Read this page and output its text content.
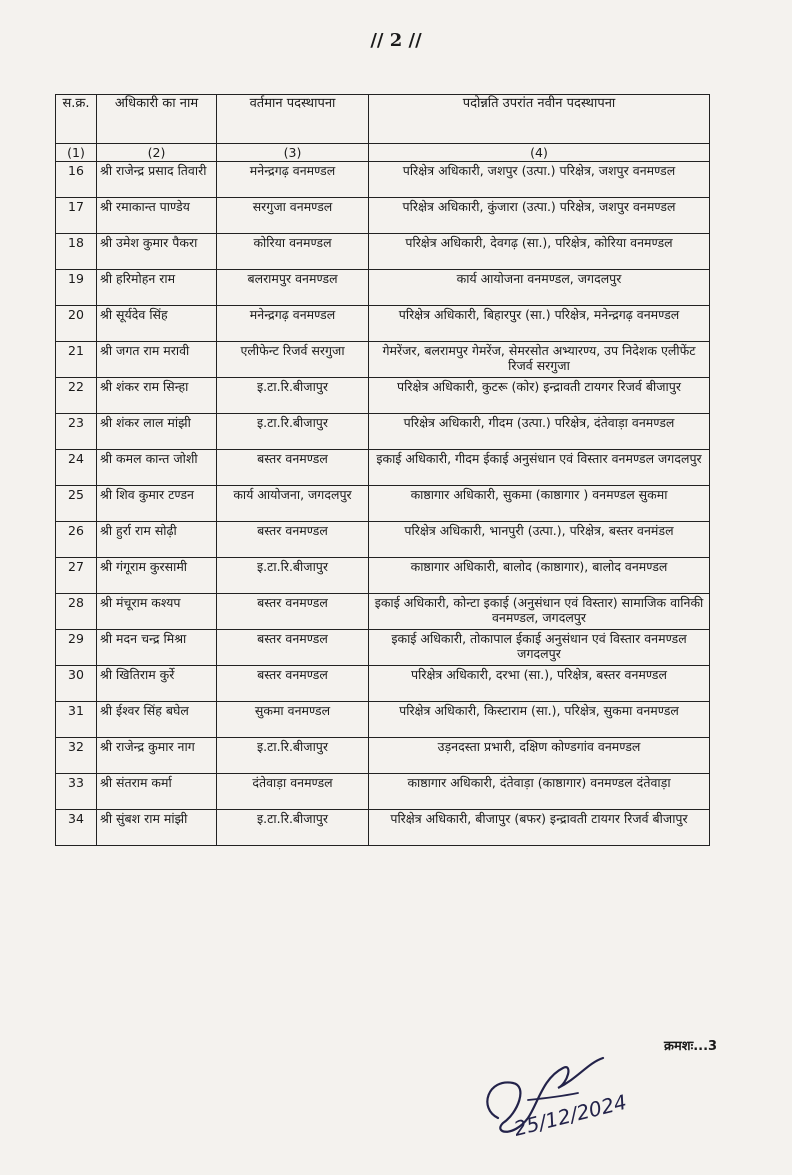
// 2 //
स.क्र.	अधिकारी का नाम	वर्तमान पदस्थापना	पदोन्नति उपरांत नवीन पदस्थापना
(1)	(2)	(3)	(4)
16	श्री राजेन्द्र प्रसाद तिवारी	मनेन्द्रगढ़ वनमण्डल	परिक्षेत्र अधिकारी, जशपुर (उत्पा.) परिक्षेत्र, जशपुर वनमण्डल
17	श्री रमाकान्त पाण्डेय	सरगुजा वनमण्डल	परिक्षेत्र अधिकारी, कुंजारा (उत्पा.) परिक्षेत्र, जशपुर वनमण्डल
18	श्री उमेश कुमार पैकरा	कोरिया वनमण्डल	परिक्षेत्र अधिकारी, देवगढ़ (सा.), परिक्षेत्र, कोरिया वनमण्डल
19	श्री हरिमोहन राम	बलरामपुर वनमण्डल	कार्य आयोजना वनमण्डल, जगदलपुर
20	श्री सूर्यदेव सिंह	मनेन्द्रगढ़ वनमण्डल	परिक्षेत्र अधिकारी, बिहारपुर (सा.) परिक्षेत्र, मनेन्द्रगढ़ वनमण्डल
21	श्री जगत राम मरावी	एलीफेन्ट रिजर्व सरगुजा	गेमरेंजर, बलरामपुर गेमरेंज, सेमरसोत अभ्यारण्य, उप निदेशक एलीफेंट रिजर्व सरगुजा
22	श्री शंकर राम सिन्हा	इ.टा.रि.बीजापुर	परिक्षेत्र अधिकारी, कुटरू (कोर) इन्द्रावती टायगर रिजर्व बीजापुर
23	श्री शंकर लाल मांझी	इ.टा.रि.बीजापुर	परिक्षेत्र अधिकारी, गीदम (उत्पा.) परिक्षेत्र, दंतेवाड़ा वनमण्डल
24	श्री कमल कान्त जोशी	बस्तर वनमण्डल	इकाई अधिकारी, गीदम ईकाई अनुसंधान एवं विस्तार वनमण्डल जगदलपुर
25	श्री शिव कुमार टण्डन	कार्य आयोजना, जगदलपुर	काष्ठागार अधिकारी, सुकमा (काष्ठागार ) वनमण्डल सुकमा
26	श्री हुर्रा राम सोढ़ी	बस्तर वनमण्डल	परिक्षेत्र अधिकारी, भानपुरी (उत्पा.), परिक्षेत्र, बस्तर वनमंडल
27	श्री गंगूराम कुरसामी	इ.टा.रि.बीजापुर	काष्ठागार अधिकारी, बालोद (काष्ठागार), बालोद वनमण्डल
28	श्री मंचूराम कश्यप	बस्तर वनमण्डल	इकाई अधिकारी, कोन्टा इकाई (अनुसंधान एवं विस्तार) सामाजिक वानिकी वनमण्डल, जगदलपुर
29	श्री मदन चन्द्र मिश्रा	बस्तर वनमण्डल	इकाई अधिकारी, तोकापाल ईकाई अनुसंधान एवं विस्तार वनमण्डल जगदलपुर
30	श्री खितिराम कुर्रे	बस्तर वनमण्डल	परिक्षेत्र अधिकारी, दरभा (सा.), परिक्षेत्र, बस्तर वनमण्डल
31	श्री ईश्वर सिंह बघेल	सुकमा वनमण्डल	परिक्षेत्र अधिकारी, किस्टाराम (सा.), परिक्षेत्र, सुकमा वनमण्डल
32	श्री राजेन्द्र कुमार नाग	इ.टा.रि.बीजापुर	उड़नदस्ता प्रभारी, दक्षिण कोण्डगांव वनमण्डल
33	श्री संतराम कर्मा	दंतेवाड़ा वनमण्डल	काष्ठागार अधिकारी, दंतेवाड़ा (काष्ठागार) वनमण्डल दंतेवाड़ा
34	श्री सुंबश राम मांझी	इ.टा.रि.बीजापुर	परिक्षेत्र अधिकारी, बीजापुर (बफर) इन्द्रावती टायगर रिजर्व बीजापुर
क्रमशः...3
25/12/2024
